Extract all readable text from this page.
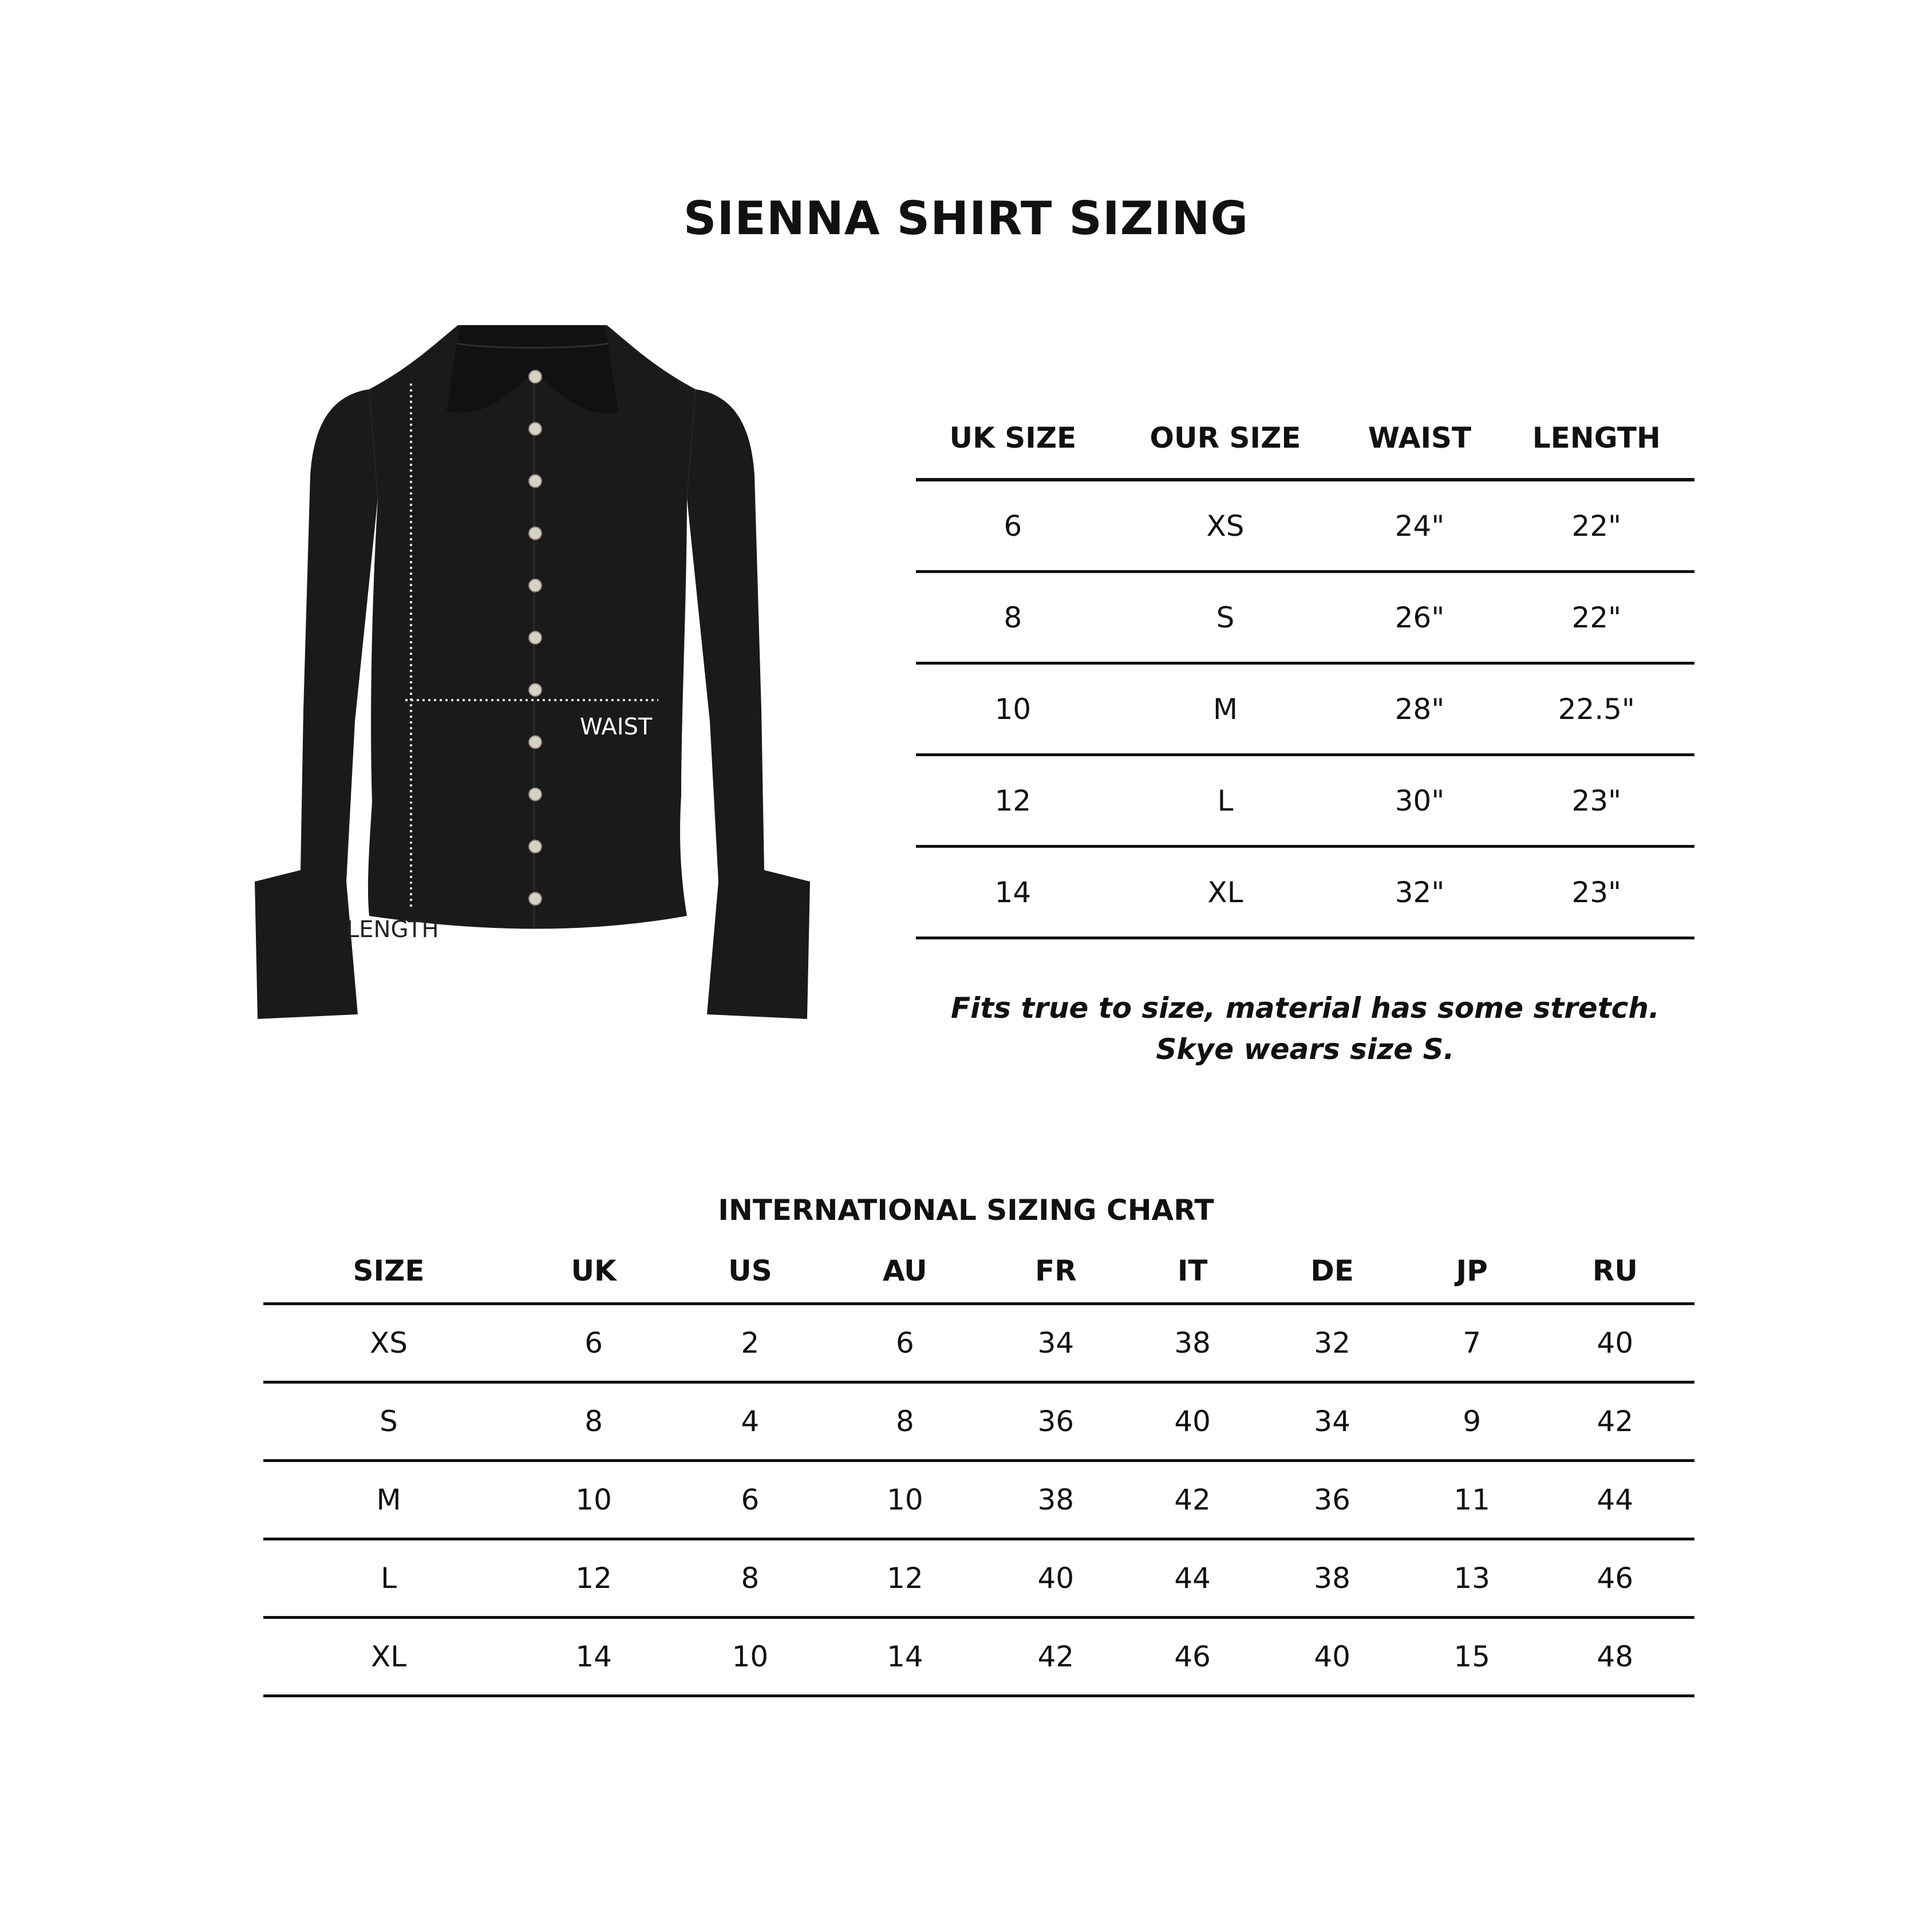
SIENNA SHIRT SIZING
WAIST
LENGTH
UK SIZE	OUR SIZE	WAIST	LENGTH
6	XS	24"	22"
8	S	26"	22"
10	M	28"	22.5"
12	L	30"	23"
14	XL	32"	23"
Fits true to size, material has some stretch.
Skye wears size S.
INTERNATIONAL SIZING CHART
SIZE	UK	US	AU	FR	IT	DE	JP	RU
XS	6	2	6	34	38	32	7	40
S	8	4	8	36	40	34	9	42
M	10	6	10	38	42	36	11	44
L	12	8	12	40	44	38	13	46
XL	14	10	14	42	46	40	15	48
